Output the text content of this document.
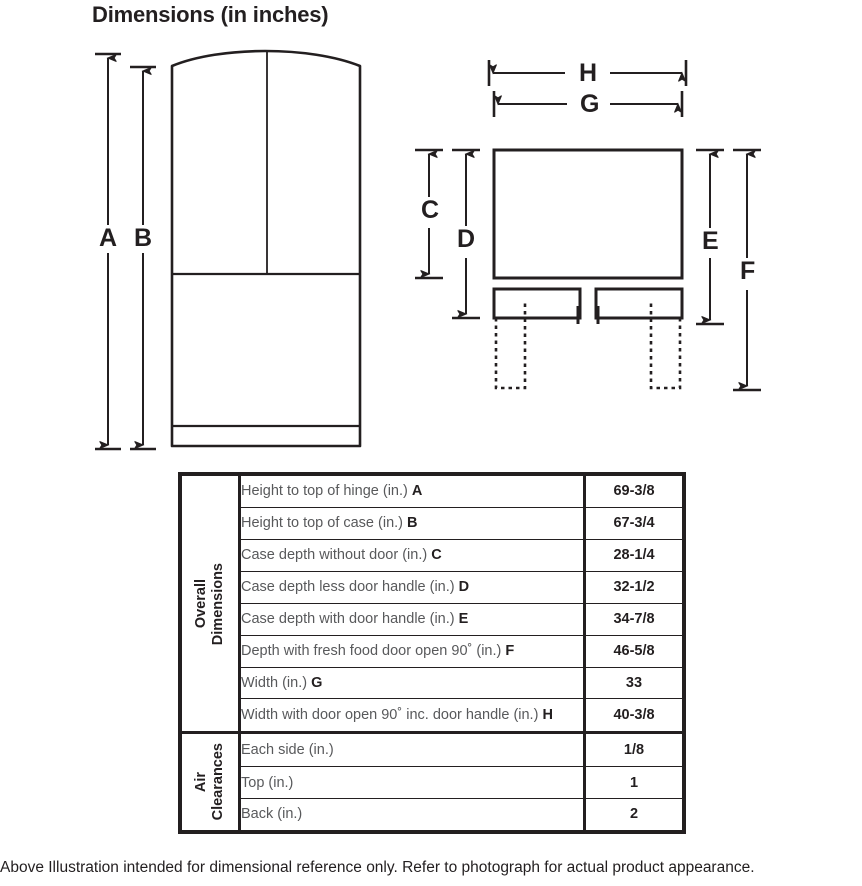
Dimensions (in inches)
A B
C
D	E
F
G
H
Overall Dimensions	Height to top of hinge (in.) A	69-3/8
	Height to top of case (in.) B	67-3/4
	Case depth without door (in.) C	28-1/4
	Case depth less door handle (in.) D	32-1/2
	Case depth with door handle (in.) E	34-7/8
	Depth with fresh food door open 90˚ (in.) F	46-5/8
	Width (in.) G	33
	Width with door open 90˚ inc. door handle (in.) H	40-3/8

Air Clearances	Each side (in.)	1/8
	Top (in.)	1
	Back (in.)	2
Above Illustration intended for dimensional reference only. Refer to photograph for actual product appearance.
